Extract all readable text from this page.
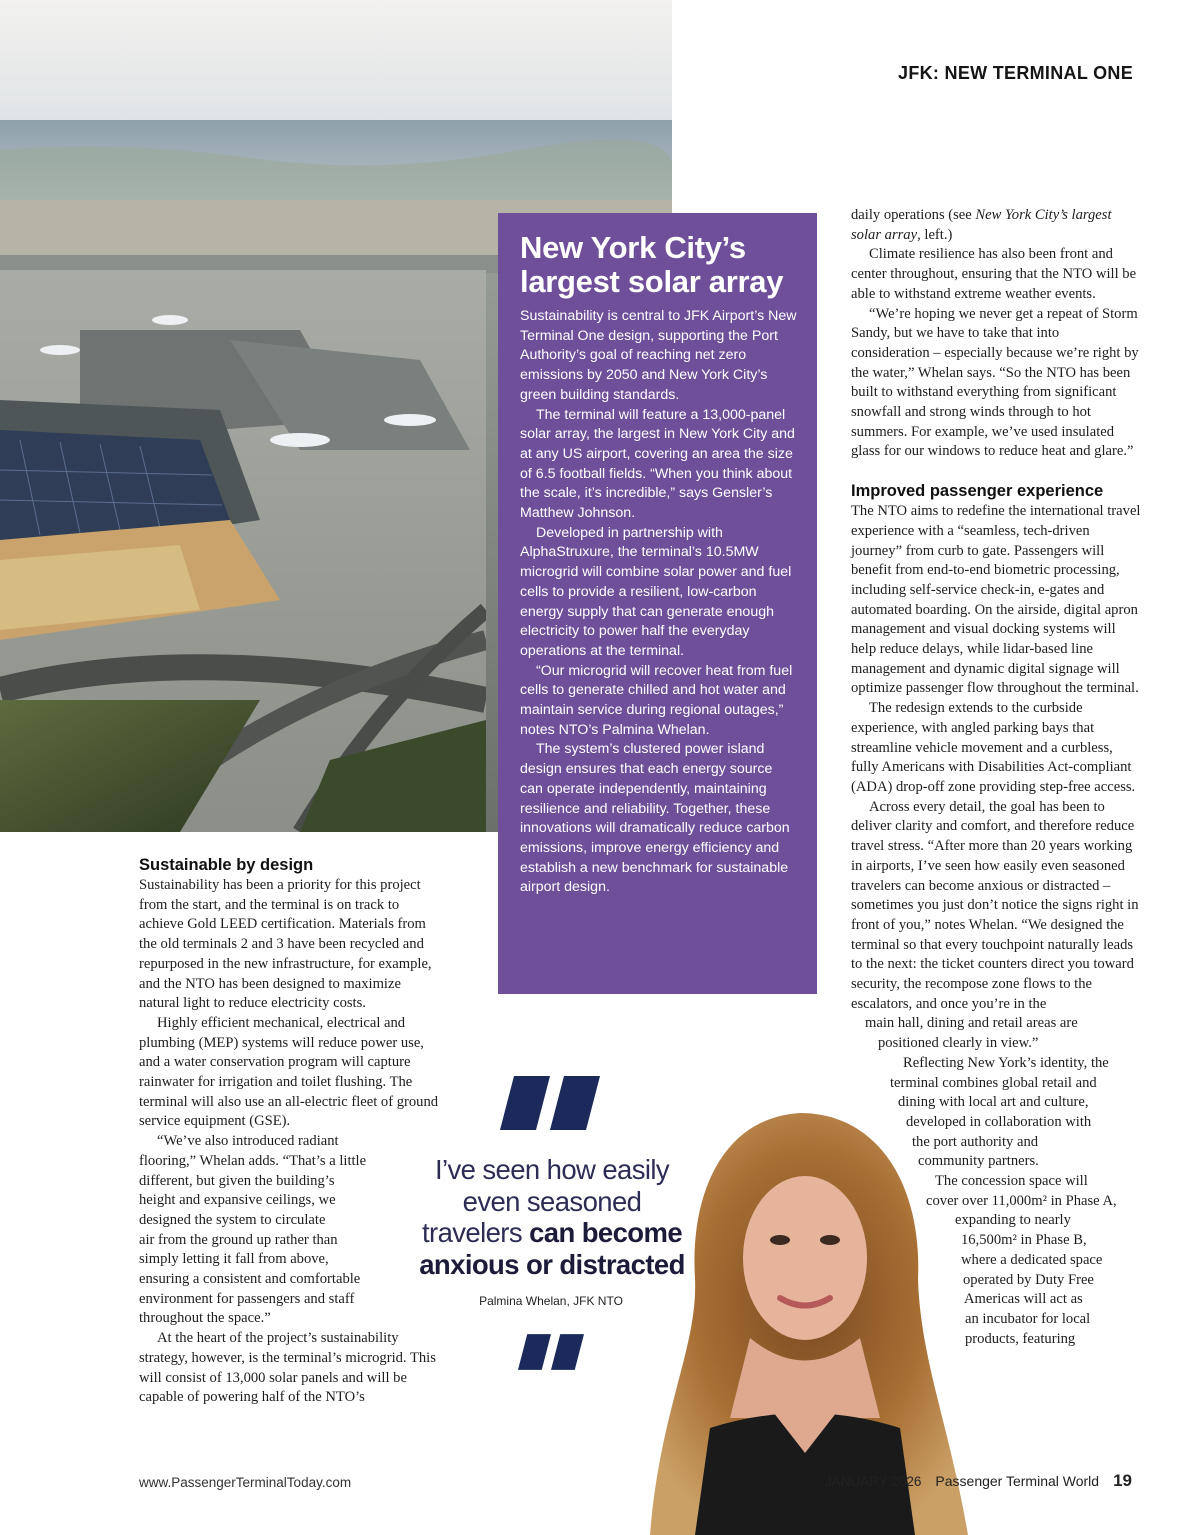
JFK: NEW TERMINAL ONE
New York City’s
largest solar array

Sustainability is central to JFK Airport’s New Terminal One design, supporting the Port Authority’s goal of reaching net zero emissions by 2050 and New York City’s green building standards.

The terminal will feature a 13,000-panel solar array, the largest in New York City and at any US airport, covering an area the size of 6.5 football fields. “When you think about the scale, it’s incredible,” says Gensler’s Matthew Johnson.

Developed in partnership with AlphaStruxure, the terminal’s 10.5MW microgrid will combine solar power and fuel cells to provide a resilient, low-carbon energy supply that can generate enough electricity to power half the everyday operations at the terminal.

“Our microgrid will recover heat from fuel cells to generate chilled and hot water and maintain service during regional outages,” notes NTO’s Palmina Whelan.

The system’s clustered power island design ensures that each energy source can operate independently, maintaining resilience and reliability. Together, these innovations will dramatically reduce carbon emissions, improve energy efficiency and establish a new benchmark for sustainable airport design.

Sustainable by design

Sustainability has been a priority for this project from the start, and the terminal is on track to achieve Gold LEED certification. Materials from the old terminals 2 and 3 have been recycled and repurposed in the new infrastructure, for example, and the NTO has been designed to maximize natural light to reduce electricity costs.

Highly efficient mechanical, electrical and plumbing (MEP) systems will reduce power use, and a water conservation program will capture rainwater for irrigation and toilet flushing. The terminal will also use an all-electric fleet of ground service equipment (GSE).

“We’ve also introduced radiant
flooring,” Whelan adds. “That’s a little
different, but given the building’s
height and expansive ceilings, we
designed the system to circulate
air from the ground up rather than
simply letting it fall from above,
ensuring a consistent and comfortable
environment for passengers and staff
throughout the space.”

At the heart of the project’s sustainability strategy, however, is the terminal’s microgrid. This will consist of 13,000 solar panels and will be capable of powering half of the NTO’s

daily operations (see New York City’s largest solar array, left.)

Climate resilience has also been front and center throughout, ensuring that the NTO will be able to withstand extreme weather events.

“We’re hoping we never get a repeat of Storm Sandy, but we have to take that into consideration – especially because we’re right by the water,” Whelan says. “So the NTO has been built to withstand everything from significant snowfall and strong winds through to hot summers. For example, we’ve used insulated glass for our windows to reduce heat and glare.”

Improved passenger experience

The NTO aims to redefine the international travel experience with a “seamless, tech-driven journey” from curb to gate. Passengers will benefit from end-to-end biometric processing, including self-service check-in, e-gates and automated boarding. On the airside, digital apron management and visual docking systems will help reduce delays, while lidar-based line management and dynamic digital signage will optimize passenger flow throughout the terminal.

The redesign extends to the curbside experience, with angled parking bays that streamline vehicle movement and a curbless, fully Americans with Disabilities Act-compliant (ADA) drop-off zone providing step-free access.

Across every detail, the goal has been to deliver clarity and comfort, and therefore reduce travel stress. “After more than 20 years working in airports, I’ve seen how easily even seasoned travelers can become anxious or distracted – sometimes you just don’t notice the signs right in front of you,” notes Whelan. “We designed the terminal so that every touchpoint naturally leads to the next: the ticket counters direct you toward security, the recompose zone flows to the escalators, and once you’re in the

main hall, dining and retail areas are
positioned clearly in view.”
Reflecting New York’s identity, the
terminal combines global retail and
dining with local art and culture,
developed in collaboration with
the port authority and
community partners.
The concession space will
cover over 11,000m² in Phase A,
expanding to nearly
16,500m² in Phase B,
where a dedicated space
operated by Duty Free
Americas will act as
an incubator for local
products, featuring
I’ve seen how easily
even seasoned
travelers can become
anxious or distracted
Palmina Whelan, JFK NTO
www.PassengerTerminalToday.com	JANUARY 2026 Passenger Terminal World 19
